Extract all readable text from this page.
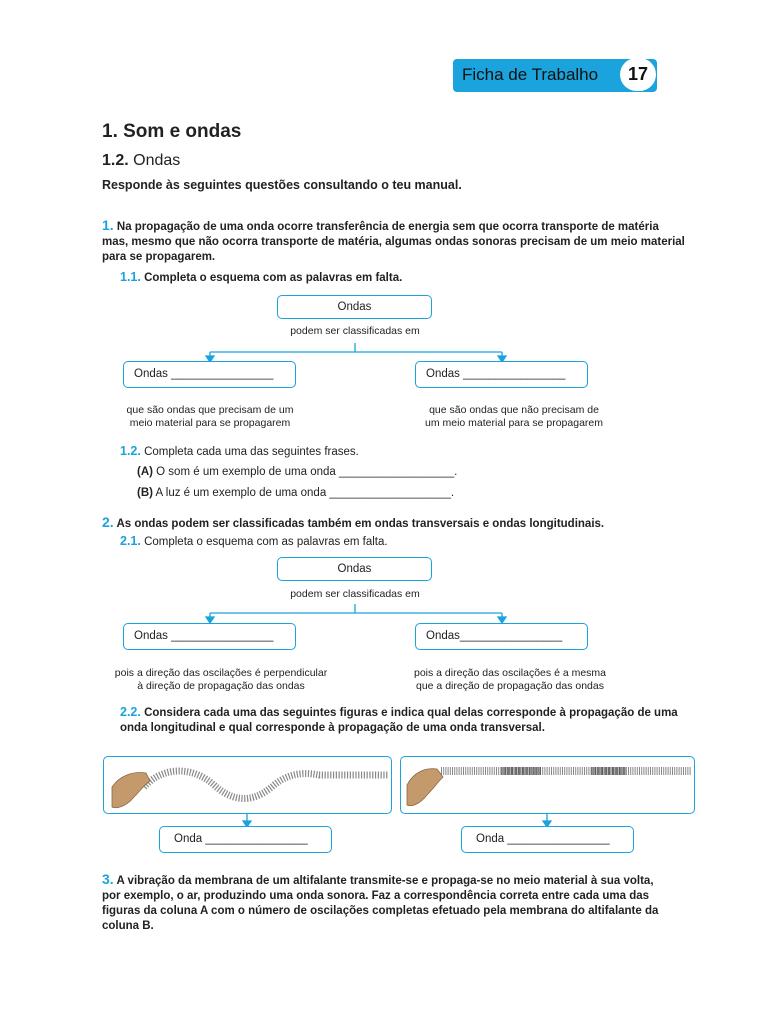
Ficha de Trabalho	17
1. Som e ondas
1.2. Ondas
Responde às seguintes questões consultando o teu manual.
1. Na propagação de uma onda ocorre transferência de energia sem que ocorra transporte de matéria mas, mesmo que não ocorra transporte de matéria, algumas ondas sonoras precisam de um meio material para se propagarem.
1.1. Completa o esquema com as palavras em falta.
Ondas
podem ser classificadas em
Ondas ________________	Ondas ________________
que são ondas que precisam de um
meio material para se propagarem
que são ondas que não precisam de
um meio material para se propagarem
1.2. Completa cada uma das seguintes frases.
(A) O som é um exemplo de uma onda __________________.
(B) A luz é um exemplo de uma onda ___________________.
2. As ondas podem ser classificadas também em ondas transversais e ondas longitudinais.
2.1. Completa o esquema com as palavras em falta.
Ondas
podem ser classificadas em
Ondas ________________	Ondas________________
pois a direção das oscilações é perpendicular
à direção de propagação das ondas
pois a direção das oscilações é a mesma
que a direção de propagação das ondas
2.2. Considera cada uma das seguintes figuras e indica qual delas corresponde à propagação de uma onda longitudinal e qual corresponde à propagação de uma onda transversal.
Onda ________________	Onda ________________
3. A vibração da membrana de um altifalante transmite-se e propaga-se no meio material à sua volta, por exemplo, o ar, produzindo uma onda sonora. Faz a correspondência correta entre cada uma das figuras da coluna A com o número de oscilações completas efetuado pela membrana do altifalante da coluna B.
